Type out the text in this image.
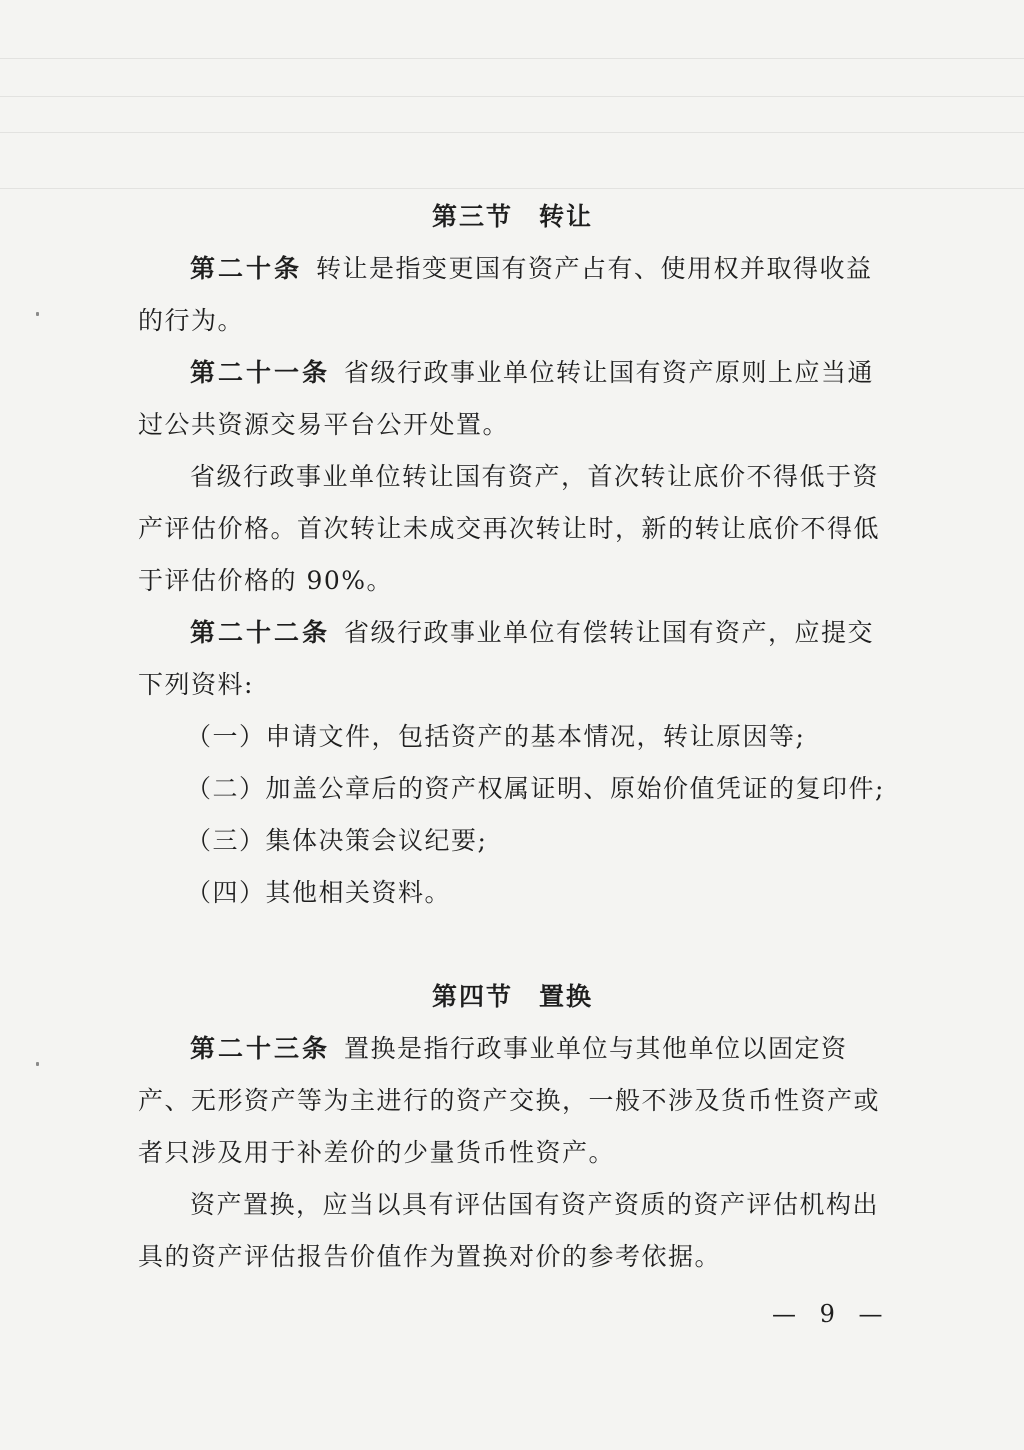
第三节 转让
第二十条 转让是指变更国有资产占有、使用权并取得收益
的行为。
第二十一条 省级行政事业单位转让国有资产原则上应当通
过公共资源交易平台公开处置。
省级行政事业单位转让国有资产，首次转让底价不得低于资
产评估价格。首次转让未成交再次转让时，新的转让底价不得低
于评估价格的 90%。
第二十二条 省级行政事业单位有偿转让国有资产，应提交
下列资料:
（一）申请文件，包括资产的基本情况，转让原因等;
（二）加盖公章后的资产权属证明、原始价值凭证的复印件;
（三）集体决策会议纪要;
（四）其他相关资料。
第四节 置换
第二十三条 置换是指行政事业单位与其他单位以固定资
产、无形资产等为主进行的资产交换，一般不涉及货币性资产或
者只涉及用于补差价的少量货币性资产。
资产置换，应当以具有评估国有资产资质的资产评估机构出
具的资产评估报告价值作为置换对价的参考依据。
— 9 —
